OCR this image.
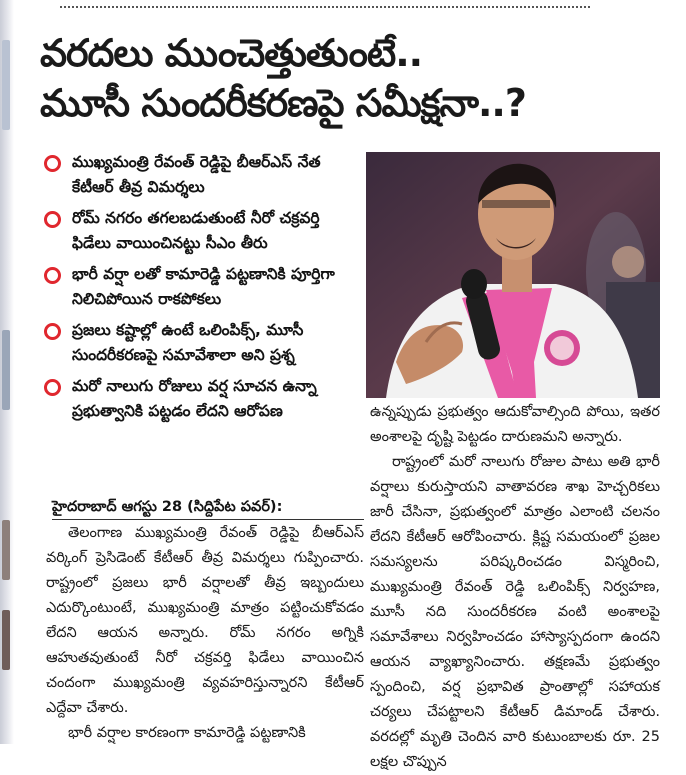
వరదలు ముంచెత్తుతుంటే..
మూసీ సుందరీకరణపై సమీక్షనా..?
ముఖ్యమంత్రి రేవంత్ రెడ్డిపై బీఆర్ఎస్ నేత కేటీఆర్ తీవ్ర విమర్శలు
రోమ్ నగరం తగలబడుతుంటే నీరో చక్రవర్తి ఫిడేలు వాయించినట్టు సీఎం తీరు
భారీ వర్షా లతో కామారెడ్డి పట్టణానికి పూర్తిగా నిలిచిపోయిన రాకపోకలు
ప్రజలు కష్టాల్లో ఉంటే ఒలింపిక్స్, మూసీ సుందరీకరణపై సమావేశాలా అని ప్రశ్న
మరో నాలుగు రోజులు వర్ష సూచన ఉన్నా ప్రభుత్వానికి పట్టడం లేదని ఆరోపణ
హైదరాబాద్ ఆగస్టు 28 (సిద్దిపేట పవర్):
తెలంగాణ ముఖ్యమంత్రి రేవంత్ రెడ్డిపై బీఆర్ఎస్ వర్కింగ్ ప్రెసిడెంట్ కేటీఆర్ తీవ్ర విమర్శలు గుప్పించారు. రాష్ట్రంలో ప్రజలు భారీ వర్షాలతో తీవ్ర ఇబ్బందులు ఎదుర్కొంటుంటే, ముఖ్యమంత్రి మాత్రం పట్టించుకోవడం లేదని ఆయన అన్నారు. రోమ్ నగరం అగ్నికి ఆహుతవుతుంటే నీరో చక్రవర్తి ఫిడేలు వాయించిన చందంగా ముఖ్యమంత్రి వ్యవహరిస్తున్నారని కేటీఆర్ ఎద్దేవా చేశారు.
భారీ వర్షాల కారణంగా కామారెడ్డి పట్టణానికి
ఉన్నప్పుడు ప్రభుత్వం ఆదుకోవాల్సింది పోయి, ఇతర అంశాలపై దృష్టి పెట్టడం దారుణమని అన్నారు.
రాష్ట్రంలో మరో నాలుగు రోజుల పాటు అతి భారీ వర్షాలు కురుస్తాయని వాతావరణ శాఖ హెచ్చరికలు జారీ చేసినా, ప్రభుత్వంలో మాత్రం ఎలాంటి చలనం లేదని కేటీఆర్ ఆరోపించారు. క్లిష్ట సమయంలో ప్రజల సమస్యలను పరిష్కరించడం విస్మరించి, ముఖ్యమంత్రి రేవంత్ రెడ్డి ఒలింపిక్స్ నిర్వహణ, మూసీ నది సుందరీకరణ వంటి అంశాలపై సమావేశాలు నిర్వహించడం హాస్యాస్పదంగా ఉందని ఆయన వ్యాఖ్యానించారు. తక్షణమే ప్రభుత్వం స్పందించి, వర్ష ప్రభావిత ప్రాంతాల్లో సహాయక చర్యలు చేపట్టాలని కేటీఆర్ డిమాండ్ చేశారు. వరదల్లో మృతి చెందిన వారి కుటుంబాలకు రూ. 25 లక్షల చొప్పున
